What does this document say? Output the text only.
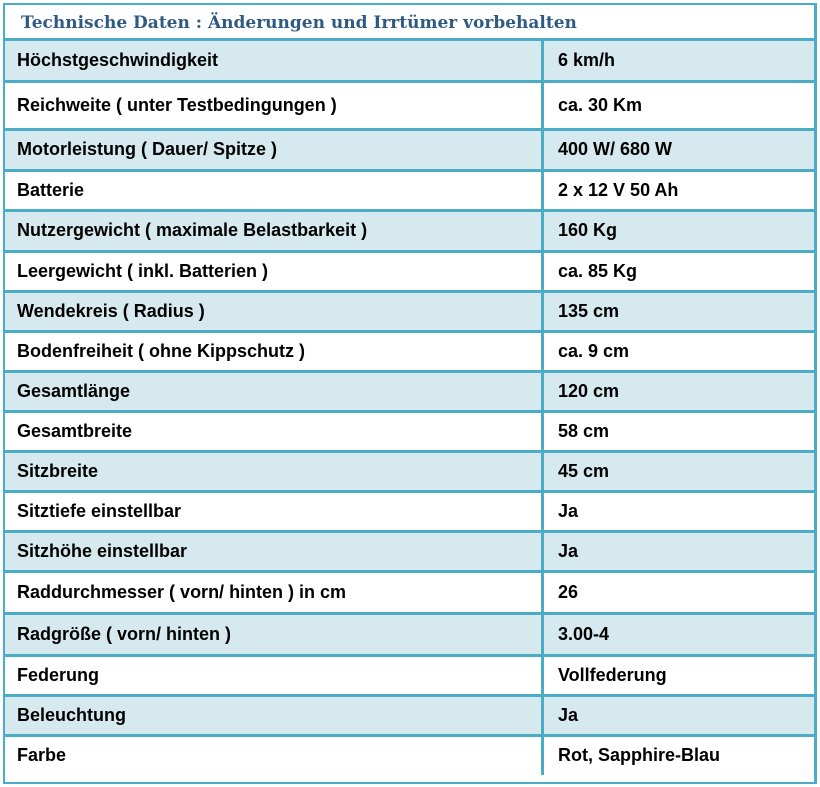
Technische Daten : Änderungen und Irrtümer vorbehalten
Höchstgeschwindigkeit	6 km/h
Reichweite ( unter Testbedingungen )	ca. 30 Km
Motorleistung ( Dauer/ Spitze )	400 W/ 680 W
Batterie	2 x 12 V 50 Ah
Nutzergewicht ( maximale Belastbarkeit )	160 Kg
Leergewicht ( inkl. Batterien )	ca. 85 Kg
Wendekreis ( Radius )	135 cm
Bodenfreiheit ( ohne Kippschutz )	ca. 9 cm
Gesamtlänge	120 cm
Gesamtbreite	58 cm
Sitzbreite	45 cm
Sitztiefe einstellbar	Ja
Sitzhöhe einstellbar	Ja
Raddurchmesser ( vorn/ hinten ) in cm	26
Radgröße ( vorn/ hinten )	3.00-4
Federung	Vollfederung
Beleuchtung	Ja
Farbe	Rot, Sapphire-Blau
